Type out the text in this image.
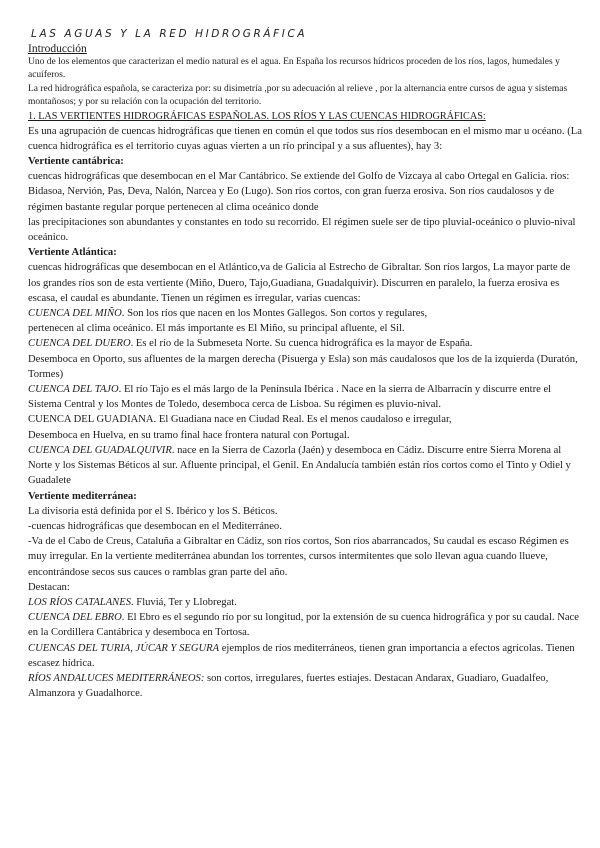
LAS AGUAS Y LA RED HIDROGRÁFICA
Introducción

Uno de los elementos que caracterizan el medio natural es el agua. En España los recursos hídricos proceden de los ríos, lagos, humedales y acuíferos.

La red hidrográfica española, se caracteriza por: su disimetría ,por su adecuación al relieve , por la alternancia entre cursos de agua y sistemas montañosos; y por su relación con la ocupación del territorio.

1. LAS VERTIENTES HIDROGRÁFICAS ESPAÑOLAS. LOS RÍOS Y LAS CUENCAS HIDROGRÁFICAS:

Es una agrupación de cuencas hidrográficas que tienen en común el que todos sus ríos desembocan en el mismo mar u océano. (La cuenca hidrográfica es el territorio cuyas aguas vierten a un río principal y a sus afluentes), hay 3:

Vertiente cantábrica:

cuencas hidrográficas que desembocan en el Mar Cantábrico. Se extiende del Golfo de Vizcaya al cabo Ortegal en Galicia. ríos: Bidasoa, Nervión, Pas, Deva, Nalón, Narcea y Eo (Lugo). Son ríos cortos, con gran fuerza erosiva. Son ríos caudalosos y de régimen bastante regular porque pertenecen al clima oceánico donde

las precipitaciones son abundantes y constantes en todo su recorrido. El régimen suele ser de tipo pluvial-oceánico o pluvio-nival oceánico.

Vertiente Atlántica:

cuencas hidrográficas que desembocan en el Atlántico,va de Galicia al Estrecho de Gibraltar. Son ríos largos, La mayor parte de los grandes ríos son de esta vertiente (Miño, Duero, Tajo,Guadiana, Guadalquivir). Discurren en paralelo, la fuerza erosiva es escasa, el caudal es abundante. Tienen un régimen es irregular, varias cuencas:

CUENCA DEL MIÑO. Son los ríos que nacen en los Montes Gallegos. Son cortos y regulares,

pertenecen al clima oceánico. El más importante es El Miño, su principal afluente, el Sil.

CUENCA DEL DUERO. Es el río de la Submeseta Norte. Su cuenca hidrográfica es la mayor de España.

Desemboca en Oporto, sus afluentes de la margen derecha (Pisuerga y Esla) son más caudalosos que los de la izquierda (Duratón, Tormes)

CUENCA DEL TAJO. El río Tajo es el más largo de la Península Ibérica . Nace en la sierra de Albarracín y discurre entre el Sistema Central y los Montes de Toledo, desemboca cerca de Lisboa. Su régimen es pluvio-nival.

CUENCA DEL GUADIANA. El Guadiana nace en Ciudad Real. Es el menos caudaloso e irregular,

Desemboca en Huelva, en su tramo final hace frontera natural con Portugal.

CUENCA DEL GUADALQUIVIR. nace en la Sierra de Cazorla (Jaén) y desemboca en Cádiz. Discurre entre Sierra Morena al Norte y los Sistemas Béticos al sur. Afluente principal, el Genil. En Andalucía también están ríos cortos como el Tinto y Odiel y Guadalete

Vertiente mediterránea:

La divisoria está definida por el S. Ibérico y los S. Béticos.

-cuencas hidrográficas que desembocan en el Mediterráneo.

-Va de el Cabo de Creus, Cataluña a Gibraltar en Cádiz, son ríos cortos, Son ríos abarrancados, Su caudal es escaso Régimen es muy irregular. En la vertiente mediterránea abundan los torrentes, cursos intermitentes que solo llevan agua cuando llueve, encontrándose secos sus cauces o ramblas gran parte del año.

Destacan:

LOS RÍOS CATALANES. Fluviá, Ter y Llobregat.

CUENCA DEL EBRO. El Ebro es el segundo río por su longitud, por la extensión de su cuenca hidrográfica y por su caudal. Nace en la Cordillera Cantábrica y desemboca en Tortosa.

CUENCAS DEL TURIA, JÚCAR Y SEGURA ejemplos de ríos mediterráneos, tienen gran importancia a efectos agrícolas. Tienen escasez hídrica.

RÍOS ANDALUCES MEDITERRÁNEOS: son cortos, irregulares, fuertes estiajes. Destacan Andarax, Guadiaro, Guadalfeo, Almanzora y Guadalhorce.
